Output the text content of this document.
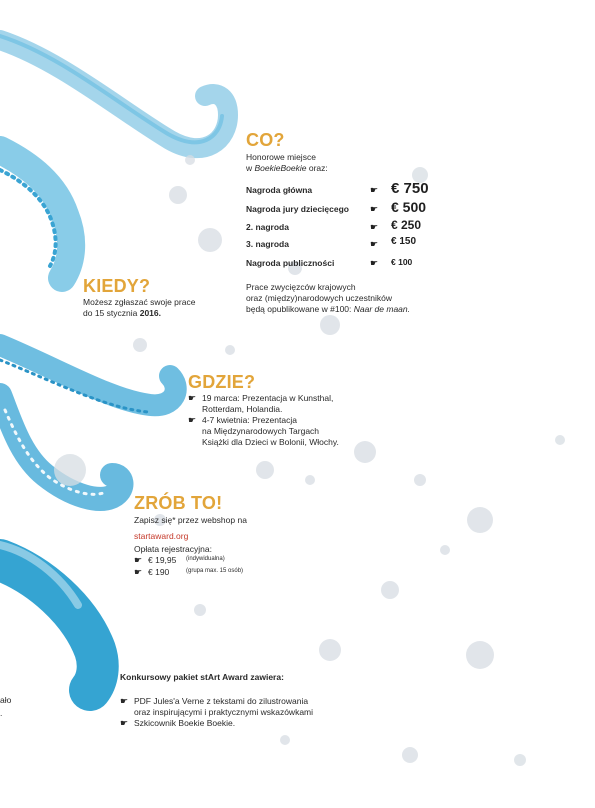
CO?

Honorowe miejsce

w BoekieBoekie oraz:

Nagroda główna	☛ € 750
Nagroda jury dziecięcego ☛ € 500
2. nagroda	☛ € 250
3. nagroda	☛ € 150
Nagroda publiczności	☛ € 100

Prace zwycięzców krajowych

oraz (między)narodowych uczestników

będą opublikowane w #100: Naar de maan.

KIEDY?

Możesz zgłaszać swoje prace

do 15 stycznia 2016.

GDZIE?
☛ 19 marca: Prezentacja w Kunsthal,
Rotterdam, Holandia.
☛ 4-7 kwietnia: Prezentacja
na Międzynarodowych Targach
Książki dla Dzieci w Bolonii, Włochy.
ZRÓB TO!

Zapisz się* przez webshop na

startaward.org

Opłata rejestracyjna:

☛ € 19,95 (indywidualna)
☛ € 190	(grupa max. 15 osób)

Konkursowy pakiet stArt Award zawiera:

☛ PDF Jules'a Verne z tekstami do zilustrowania
oraz inspirującymi i praktycznymi wskazówkami
☛ Szkicownik Boekie Boekie.

ało

.
